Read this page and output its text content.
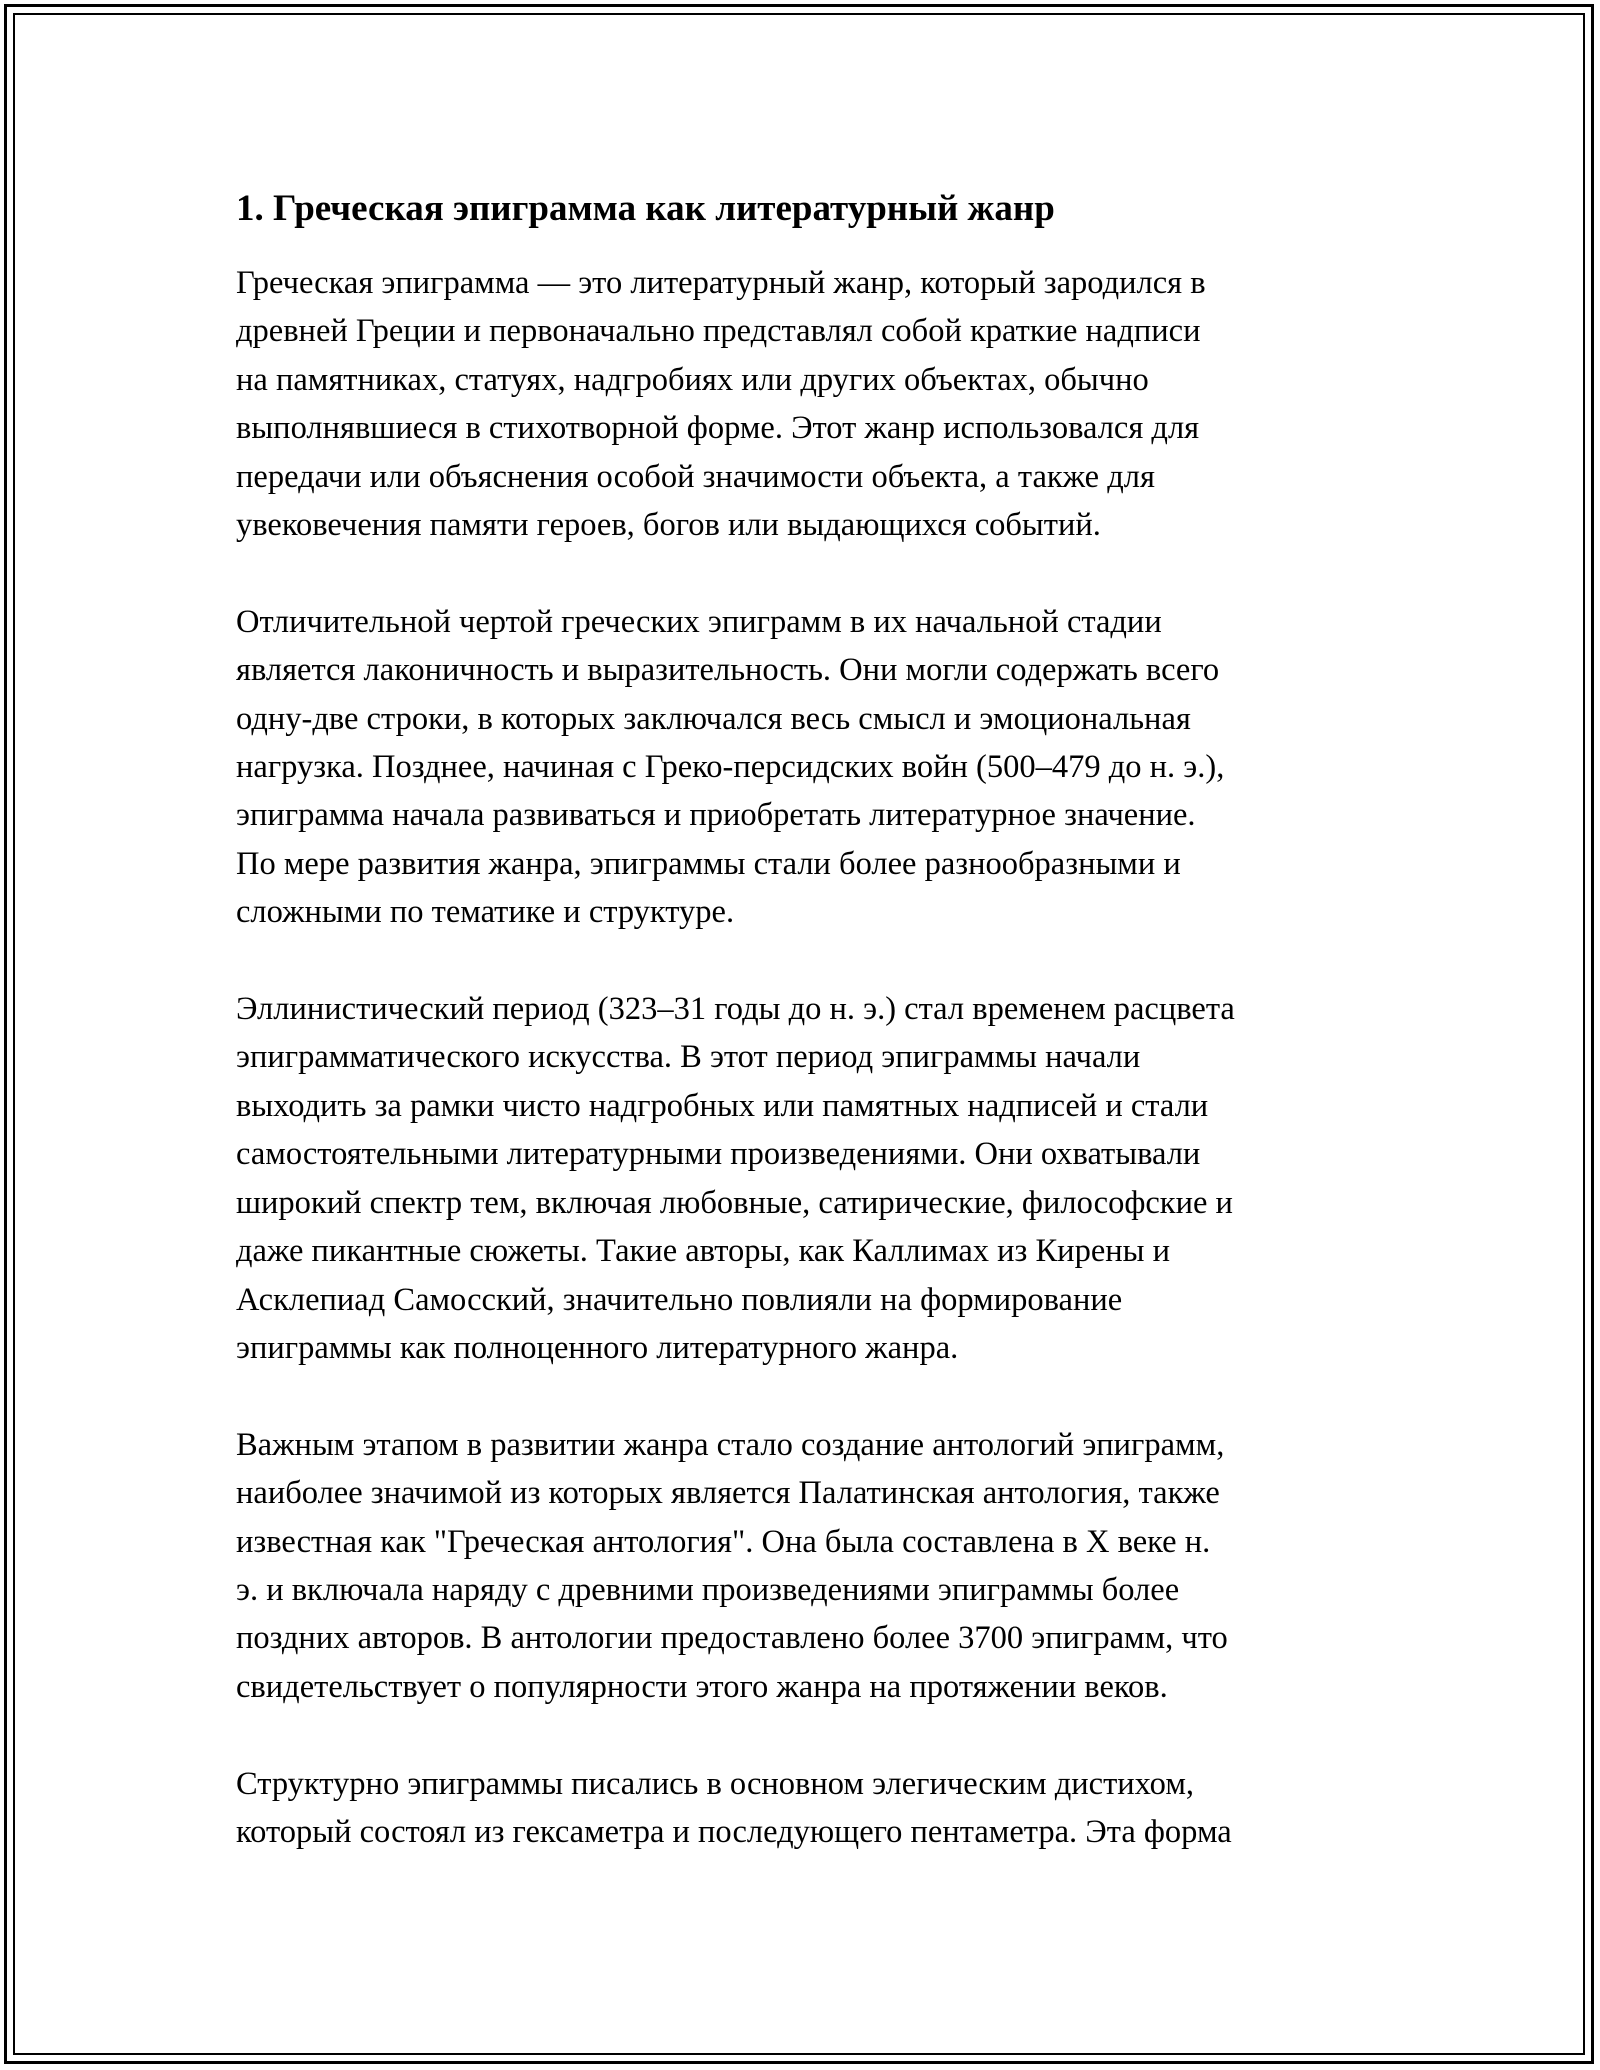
1. Греческая эпиграмма как литературный жанр

Греческая эпиграмма — это литературный жанр, который зародился в
древней Греции и первоначально представлял собой краткие надписи
на памятниках, статуях, надгробиях или других объектах, обычно
выполнявшиеся в стихотворной форме. Этот жанр использовался для
передачи или объяснения особой значимости объекта, а также для
увековечения памяти героев, богов или выдающихся событий.

Отличительной чертой греческих эпиграмм в их начальной стадии
является лаконичность и выразительность. Они могли содержать всего
одну-две строки, в которых заключался весь смысл и эмоциональная
нагрузка. Позднее, начиная с Греко-персидских войн (500–479 до н. э.),
эпиграмма начала развиваться и приобретать литературное значение.
По мере развития жанра, эпиграммы стали более разнообразными и
сложными по тематике и структуре.

Эллинистический период (323–31 годы до н. э.) стал временем расцвета
эпиграмматического искусства. В этот период эпиграммы начали
выходить за рамки чисто надгробных или памятных надписей и стали
самостоятельными литературными произведениями. Они охватывали
широкий спектр тем, включая любовные, сатирические, философские и
даже пикантные сюжеты. Такие авторы, как Каллимах из Кирены и
Асклепиад Самосский, значительно повлияли на формирование
эпиграммы как полноценного литературного жанра.

Важным этапом в развитии жанра стало создание антологий эпиграмм,
наиболее значимой из которых является Палатинская антология, также
известная как "Греческая антология". Она была составлена в X веке н.
э. и включала наряду с древними произведениями эпиграммы более
поздних авторов. В антологии предоставлено более 3700 эпиграмм, что
свидетельствует о популярности этого жанра на протяжении веков.

Структурно эпиграммы писались в основном элегическим дистихом,
который состоял из гексаметра и последующего пентаметра. Эта форма
